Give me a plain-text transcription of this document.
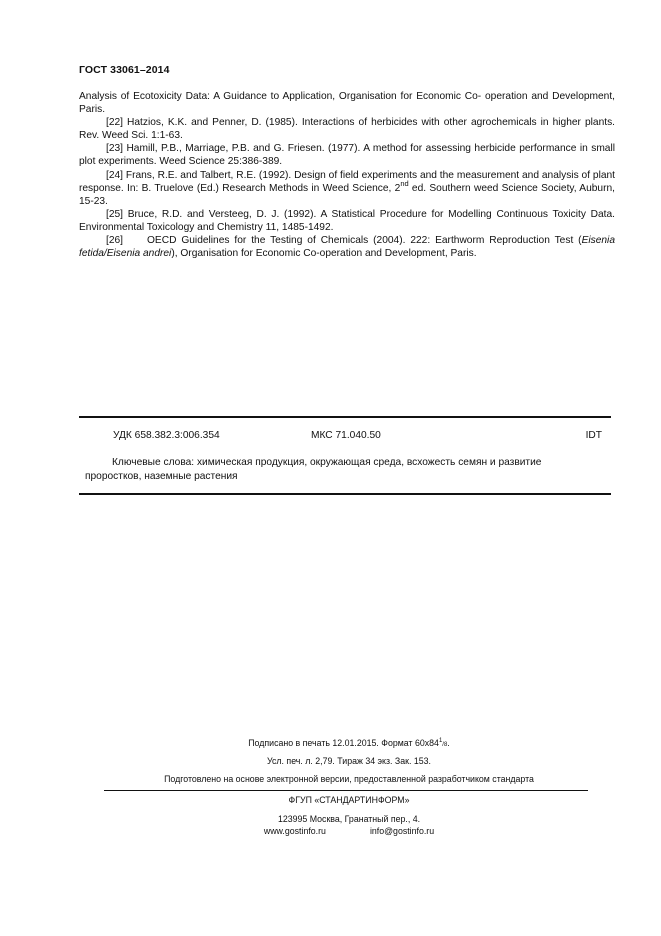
ГОСТ 33061–2014

Analysis of Ecotoxicity Data: A Guidance to Application, Organisation for Economic Co- operation and Development, Paris.

[22] Hatzios, K.K. and Penner, D. (1985). Interactions of herbicides with other agrochemicals in higher plants. Rev. Weed Sci. 1:1-63.

[23] Hamill, P.B., Marriage, P.B. and G. Friesen. (1977). A method for assessing herbicide performance in small plot experiments. Weed Science 25:386-389.

[24] Frans, R.E. and Talbert, R.E. (1992). Design of field experiments and the measurement and analysis of plant response. In: B. Truelove (Ed.) Research Methods in Weed Science, 2nd ed. Southern weed Science Society, Auburn, 15-23.

[25] Bruce, R.D. and Versteeg, D. J. (1992). A Statistical Procedure for Modelling Continuous Toxicity Data. Environmental Toxicology and Chemistry 11, 1485-1492.

[26] OECD Guidelines for the Testing of Chemicals (2004). 222: Earthworm Reproduction Test (Eisenia fetida/Eisenia andrei), Organisation for Economic Co-operation and Development, Paris.

УДК 658.382.3:006.354	МКС 71.040.50	IDT
Ключевые слова: химическая продукция, окружающая среда, всхожесть семян и развитие
проростков, наземные растения
Подписано в печать 12.01.2015. Формат $60х84^1/8$.
Усл. печ. л. 2,79. Тираж 34 экз. Зак. 153.
Подготовлено на основе электронной версии, предоставленной разработчиком стандарта
ФГУП «СТАНДАРТИНФОРМ»
123995 Москва, Гранатный пер., 4.
www.gostinfo.ru	info@gostinfo.ru
